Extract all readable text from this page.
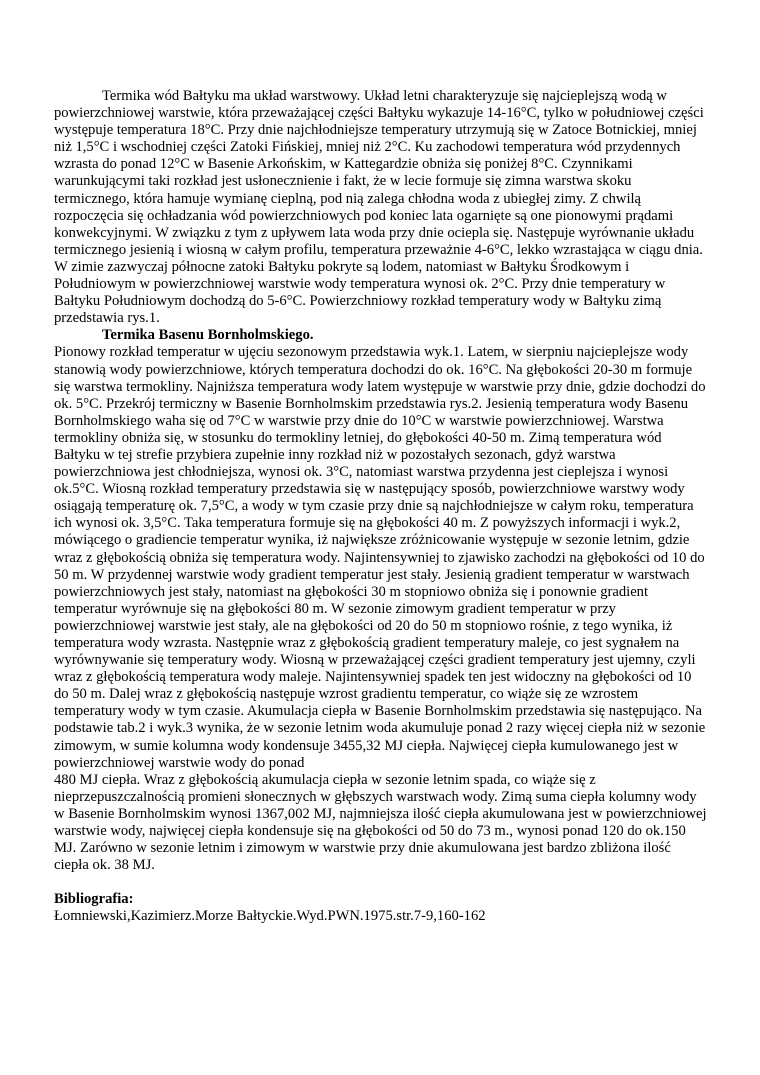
Termika wód Bałtyku ma układ warstwowy. Układ letni charakteryzuje się najcieplejszą wodą w powierzchniowej warstwie, która przeważającej części Bałtyku wykazuje 14-16°C, tylko w południowej części występuje temperatura 18°C. Przy dnie najchłodniejsze temperatury utrzymują się w Zatoce Botnickiej, mniej niż 1,5°C i wschodniej części Zatoki Fińskiej, mniej niż 2°C. Ku zachodowi temperatura wód przydennych wzrasta do ponad 12°C w Basenie Arkońskim, w Kattegardzie obniża się poniżej 8°C. Czynnikami warunkującymi taki rozkład jest usłonecznienie i fakt, że w lecie formuje się zimna warstwa skoku termicznego, która hamuje wymianę cieplną, pod nią zalega chłodna woda z ubiegłej zimy. Z chwilą rozpoczęcia się ochładzania wód powierzchniowych pod koniec lata ogarnięte są one pionowymi prądami konwekcyjnymi. W związku z tym z upływem lata woda przy dnie ociepla się. Następuje wyrównanie układu termicznego jesienią i wiosną w całym profilu, temperatura przeważnie 4-6°C, lekko wzrastająca w ciągu dnia. W zimie zazwyczaj północne zatoki Bałtyku pokryte są lodem, natomiast w Bałtyku Środkowym i Południowym w powierzchniowej warstwie wody temperatura wynosi ok. 2°C. Przy dnie temperatury w Bałtyku Południowym dochodzą do 5-6°C. Powierzchniowy rozkład temperatury wody w Bałtyku zimą przedstawia rys.1.

Termika Basenu Bornholmskiego.

Pionowy rozkład temperatur w ujęciu sezonowym przedstawia wyk.1. Latem, w sierpniu najcieplejsze wody stanowią wody powierzchniowe, których temperatura dochodzi do ok. 16°C. Na głębokości 20-30 m formuje się warstwa termokliny. Najniższa temperatura wody latem występuje w warstwie przy dnie, gdzie dochodzi do ok. 5°C. Przekrój termiczny w Basenie Bornholmskim przedstawia rys.2. Jesienią temperatura wody Basenu Bornholmskiego waha się od 7°C w warstwie przy dnie do 10°C w warstwie powierzchniowej. Warstwa termokliny obniża się, w stosunku do termokliny letniej, do głębokości 40-50 m. Zimą temperatura wód Bałtyku w tej strefie przybiera zupełnie inny rozkład niż w pozostałych sezonach, gdyż warstwa powierzchniowa jest chłodniejsza, wynosi ok. 3°C, natomiast warstwa przydenna jest cieplejsza i wynosi ok.5°C. Wiosną rozkład temperatury przedstawia się w następujący sposób, powierzchniowe warstwy wody osiągają temperaturę ok. 7,5°C, a wody w tym czasie przy dnie są najchłodniejsze w całym roku, temperatura ich wynosi ok. 3,5°C. Taka temperatura formuje się na głębokości 40 m. Z powyższych informacji i wyk.2, mówiącego o gradiencie temperatur wynika, iż największe zróżnicowanie występuje w sezonie letnim, gdzie wraz z głębokością obniża się temperatura wody. Najintensywniej to zjawisko zachodzi na głębokości od 10 do 50 m. W przydennej warstwie wody gradient temperatur jest stały. Jesienią gradient temperatur w warstwach powierzchniowych jest stały, natomiast na głębokości 30 m stopniowo obniża się i ponownie gradient temperatur wyrównuje się na głębokości 80 m. W sezonie zimowym gradient temperatur w przy powierzchniowej warstwie jest stały, ale na głębokości od 20 do 50 m stopniowo rośnie, z tego wynika, iż temperatura wody wzrasta. Następnie wraz z głębokością gradient temperatury maleje, co jest sygnałem na wyrównywanie się temperatury wody. Wiosną w przeważającej części gradient temperatury jest ujemny, czyli wraz z głębokością temperatura wody maleje. Najintensywniej spadek ten jest widoczny na głębokości od 10 do 50 m. Dalej wraz z głębokością następuje wzrost gradientu temperatur, co wiąże się ze wzrostem temperatury wody w tym czasie. Akumulacja ciepła w Basenie Bornholmskim przedstawia się następująco. Na podstawie tab.2 i wyk.3 wynika, że w sezonie letnim woda akumuluje ponad 2 razy więcej ciepła niż w sezonie zimowym, w sumie kolumna wody kondensuje 3455,32 MJ ciepła. Najwięcej ciepła kumulowanego jest w powierzchniowej warstwie wody do ponad

480 MJ ciepła. Wraz z głębokością akumulacja ciepła w sezonie letnim spada, co wiąże się z nieprzepuszczalnością promieni słonecznych w głębszych warstwach wody. Zimą suma ciepła kolumny wody w Basenie Bornholmskim wynosi 1367,002 MJ, najmniejsza ilość ciepła akumulowana jest w powierzchniowej warstwie wody, najwięcej ciepła kondensuje się na głębokości od 50 do 73 m., wynosi ponad 120 do ok.150 MJ. Zarówno w sezonie letnim i zimowym w warstwie przy dnie akumulowana jest bardzo zbliżona ilość ciepła ok. 38 MJ.

Bibliografia:

Łomniewski,Kazimierz.Morze Bałtyckie.Wyd.PWN.1975.str.7-9,160-162
